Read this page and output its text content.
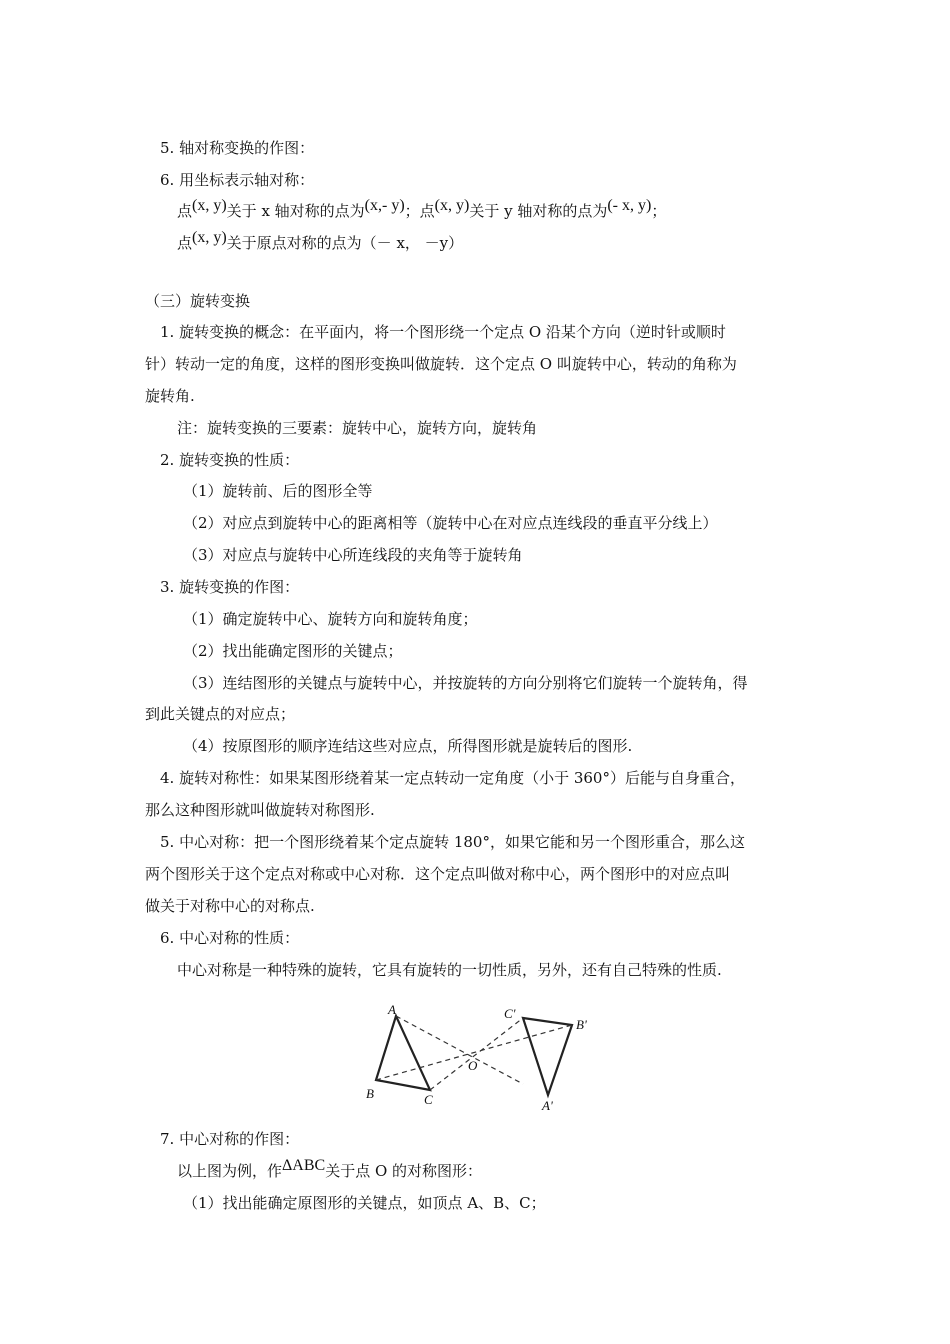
5. 轴对称变换的作图：
6. 用坐标表示轴对称：
点(x, y)关于 x 轴对称的点为(x,- y)；点(x, y)关于 y 轴对称的点为(- x, y)；
点(x, y)关于原点对称的点为（－ x， －y）
（三）旋转变换
1. 旋转变换的概念：在平面内，将一个图形绕一个定点 O 沿某个方向（逆时针或顺时
针）转动一定的角度，这样的图形变换叫做旋转．这个定点 O 叫旋转中心，转动的角称为
旋转角.
注：旋转变换的三要素：旋转中心，旋转方向，旋转角
2. 旋转变换的性质：
（1）旋转前、后的图形全等
（2）对应点到旋转中心的距离相等（旋转中心在对应点连线段的垂直平分线上）
（3）对应点与旋转中心所连线段的夹角等于旋转角
3. 旋转变换的作图：
（1）确定旋转中心、旋转方向和旋转角度；
（2）找出能确定图形的关键点；
（3）连结图形的关键点与旋转中心，并按旋转的方向分别将它们旋转一个旋转角，得
到此关键点的对应点；
（4）按原图形的顺序连结这些对应点，所得图形就是旋转后的图形.
4. 旋转对称性：如果某图形绕着某一定点转动一定角度（小于 360°）后能与自身重合，
那么这种图形就叫做旋转对称图形.
5. 中心对称：把一个图形绕着某个定点旋转 180°，如果它能和另一个图形重合，那么这
两个图形关于这个定点对称或中心对称．这个定点叫做对称中心，两个图形中的对应点叫
做关于对称中心的对称点.
6. 中心对称的性质：
中心对称是一种特殊的旋转，它具有旋转的一切性质，另外，还有自己特殊的性质.
A
B	C
O
A'
B'
C'
7. 中心对称的作图：
以上图为例，作ΔABC关于点 O 的对称图形：
（1）找出能确定原图形的关键点，如顶点 A、B、C；
